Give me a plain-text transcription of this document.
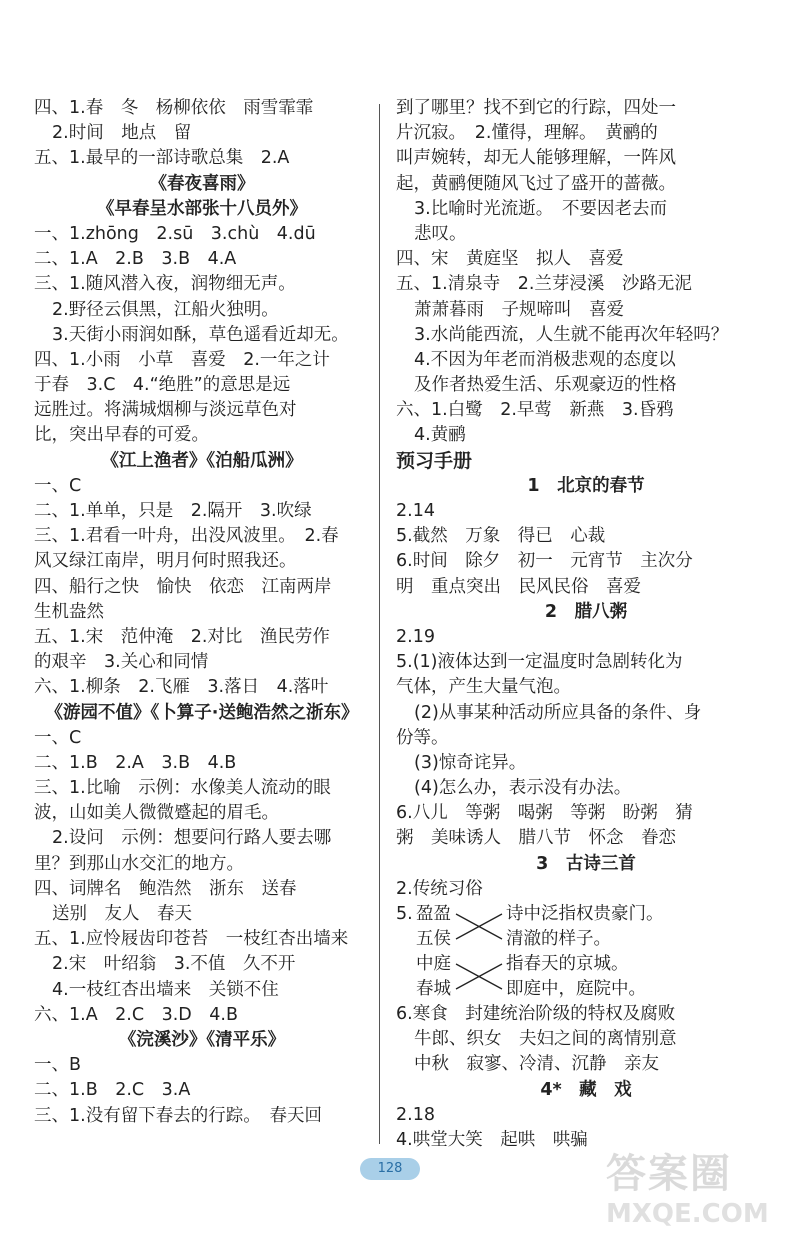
四、1.春　冬　杨柳依依　雨雪霏霏
2.时间　地点　留
五、1.最早的一部诗歌总集　2.A
《春夜喜雨》
《早春呈水部张十八员外》
一、1.zhōng　2.sū　3.chù　4.dū
二、1.A　2.B　3.B　4.A
三、1.随风潜入夜，润物细无声。
2.野径云俱黑，江船火独明。
3.天街小雨润如酥，草色遥看近却无。
四、1.小雨　小草　喜爱　2.一年之计
于春　3.C　4.“绝胜”的意思是远
远胜过。将满城烟柳与淡远草色对
比，突出早春的可爱。
《江上渔者》《泊船瓜洲》
一、C
二、1.单单，只是　2.隔开　3.吹绿
三、1.君看一叶舟，出没风波里。　2.春
风又绿江南岸，明月何时照我还。
四、船行之快　愉快　依恋　江南两岸
生机盎然
五、1.宋　范仲淹　2.对比　渔民劳作
的艰辛　3.关心和同情
六、1.柳条　2.飞雁　3.落日　4.落叶
《游园不值》《卜算子·送鲍浩然之浙东》
一、C
二、1.B　2.A　3.B　4.B
三、1.比喻　示例：水像美人流动的眼
波，山如美人微微蹙起的眉毛。
2.设问　示例：想要问行路人要去哪
里？到那山水交汇的地方。
四、词牌名　鲍浩然　浙东　送春
送别　友人　春天
五、1.应怜屐齿印苍苔　一枝红杏出墙来
2.宋　叶绍翁　3.不值　久不开
4.一枝红杏出墙来　关锁不住
六、1.A　2.C　3.D　4.B
《浣溪沙》《清平乐》
一、B
二、1.B　2.C　3.A
三、1.没有留下春去的行踪。　春天回
到了哪里？找不到它的行踪，四处一
片沉寂。　2.懂得，理解。　黄鹂的
叫声婉转，却无人能够理解，一阵风
起，黄鹂便随风飞过了盛开的蔷薇。
3.比喻时光流逝。　不要因老去而
悲叹。
四、宋　黄庭坚　拟人　喜爱
五、1.清泉寺　2.兰芽浸溪　沙路无泥
萧萧暮雨　子规啼叫　喜爱
3.水尚能西流，人生就不能再次年轻吗？
4.不因为年老而消极悲观的态度以
及作者热爱生活、乐观豪迈的性格
六、1.白鹭　2.早莺　新燕　3.昏鸦
4.黄鹂
预习手册
1　北京的春节
2.14
5.截然　万象　得已　心裁
6.时间　除夕　初一　元宵节　主次分
明　重点突出　民风民俗　喜爱
2　腊八粥
2.19
5.(1)液体达到一定温度时急剧转化为
气体，产生大量气泡。
(2)从事某种活动所应具备的条件、身
份等。
(3)惊奇诧异。
(4)怎么办，表示没有办法。
6.八儿　等粥　喝粥　等粥　盼粥　猜
粥　美味诱人　腊八节　怀念　眷恋
3　古诗三首
2.传统习俗
5. 盈盈
五侯
中庭
春城
诗中泛指权贵豪门。
清澈的样子。
指春天的京城。
即庭中，庭院中。
6.寒食　封建统治阶级的特权及腐败
牛郎、织女　夫妇之间的离情别意
中秋　寂寥、冷清、沉静　亲友
4*　藏　戏
2.18
4.哄堂大笑　起哄　哄骗
128	答案圈
MXQE.COM
